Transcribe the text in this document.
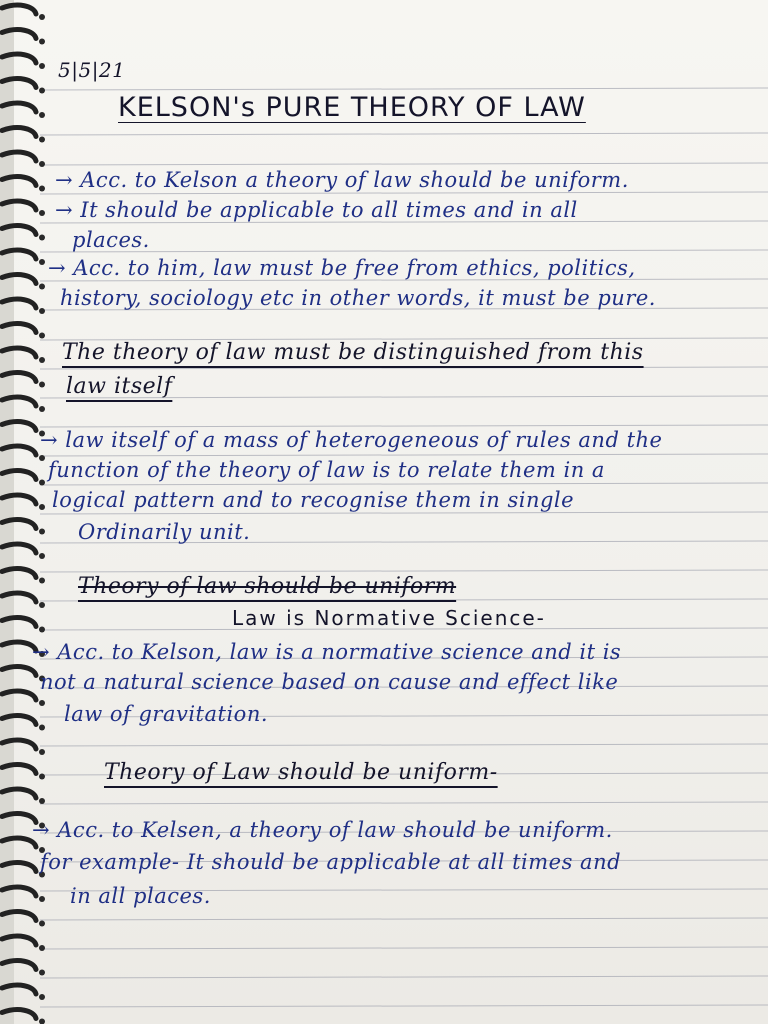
5|5|21
KELSON's PURE THEORY OF LAW
→ Acc. to Kelson a theory of law should be uniform.
→ It should be applicable to all times and in all
places.
→ Acc. to him, law must be free from ethics, politics,
history, sociology etc in other words, it must be pure.
The theory of law must be distinguished from this
law itself
→ law itself of a mass of heterogeneous of rules and the
function of the theory of law is to relate them in a
logical pattern and to recognise them in single
Ordinarily unit.
Theory of law should be uniform
Law is Normative Science-
→ Acc. to Kelson, law is a normative science and it is
not a natural science based on cause and effect like
law of gravitation.
Theory of Law should be uniform-
→ Acc. to Kelsen, a theory of law should be uniform.
for example- It should be applicable at all times and
in all places.
